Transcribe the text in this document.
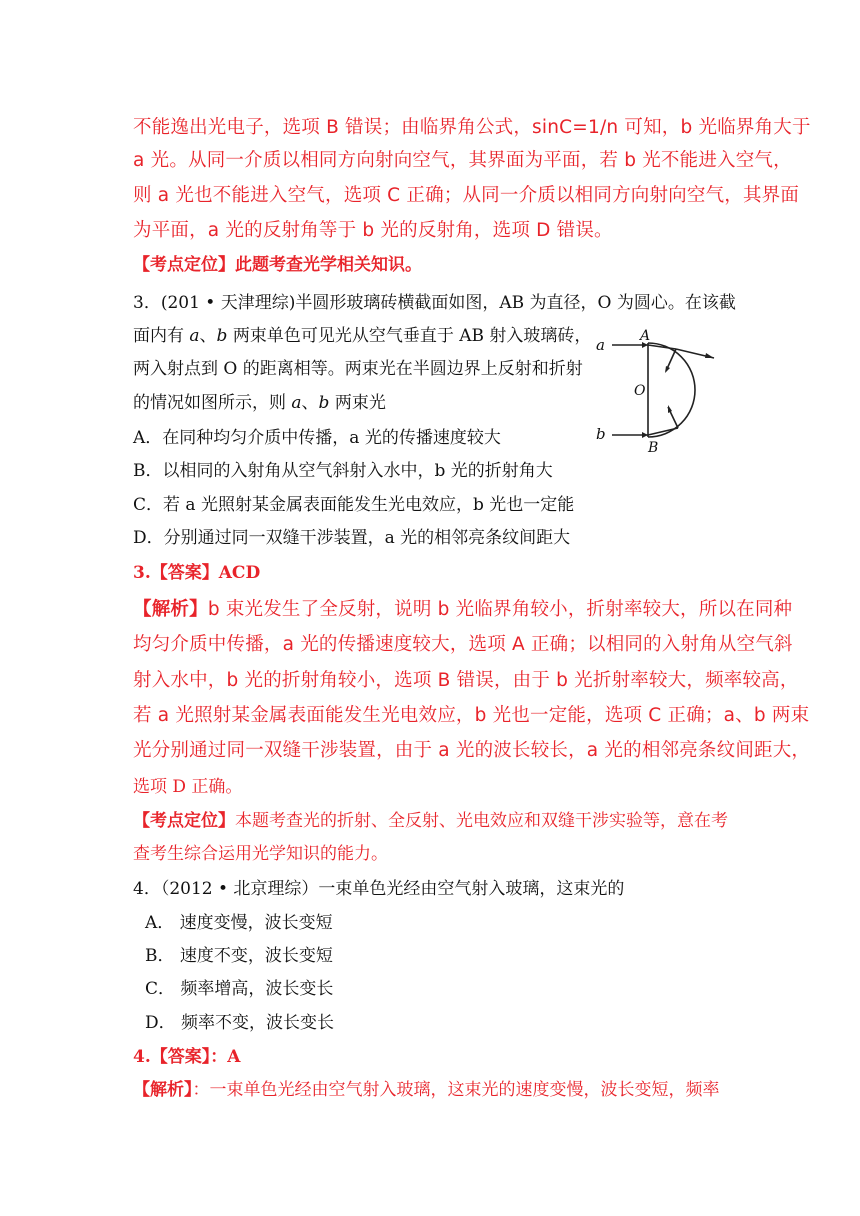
不能逸出光电子，选项 B 错误；由临界角公式，sinC=1/n 可知，b 光临界角大于
a 光。从同一介质以相同方向射向空气，其界面为平面，若 b 光不能进入空气，
则 a 光也不能进入空气，选项 C 正确；从同一介质以相同方向射向空气，其界面
为平面，a 光的反射角等于 b 光的反射角，选项 D 错误。
【考点定位】此题考查光学相关知识。
3．(201 • 天津理综)半圆形玻璃砖横截面如图，AB 为直径，O 为圆心。在该截
面内有 a、b 两束单色可见光从空气垂直于 AB 射入玻璃砖，
两入射点到 O 的距离相等。两束光在半圆边界上反射和折射
的情况如图所示，则 a、b 两束光
a
b
A
B
O
A．在同种均匀介质中传播，a 光的传播速度较大
B．以相同的入射角从空气斜射入水中，b 光的折射角大
C．若 a 光照射某金属表面能发生光电效应，b 光也一定能
D．分别通过同一双缝干涉装置，a 光的相邻亮条纹间距大
3.【答案】ACD
【解析】b 束光发生了全反射，说明 b 光临界角较小，折射率较大，所以在同种
均匀介质中传播，a 光的传播速度较大，选项 A 正确；以相同的入射角从空气斜
射入水中，b 光的折射角较小，选项 B 错误，由于 b 光折射率较大，频率较高，
若 a 光照射某金属表面能发生光电效应，b 光也一定能，选项 C 正确；a、b 两束
光分别通过同一双缝干涉装置，由于 a 光的波长较长，a 光的相邻亮条纹间距大，
选项 D 正确。
【考点定位】本题考查光的折射、全反射、光电效应和双缝干涉实验等，意在考
查考生综合运用光学知识的能力。
4．（2012 • 北京理综）一束单色光经由空气射入玻璃，这束光的
A． 速度变慢，波长变短
B． 速度不变，波长变短
C． 频率增高，波长变长
D． 频率不变，波长变长
4.【答案】：A
【解析】：一束单色光经由空气射入玻璃，这束光的速度变慢，波长变短，频率
